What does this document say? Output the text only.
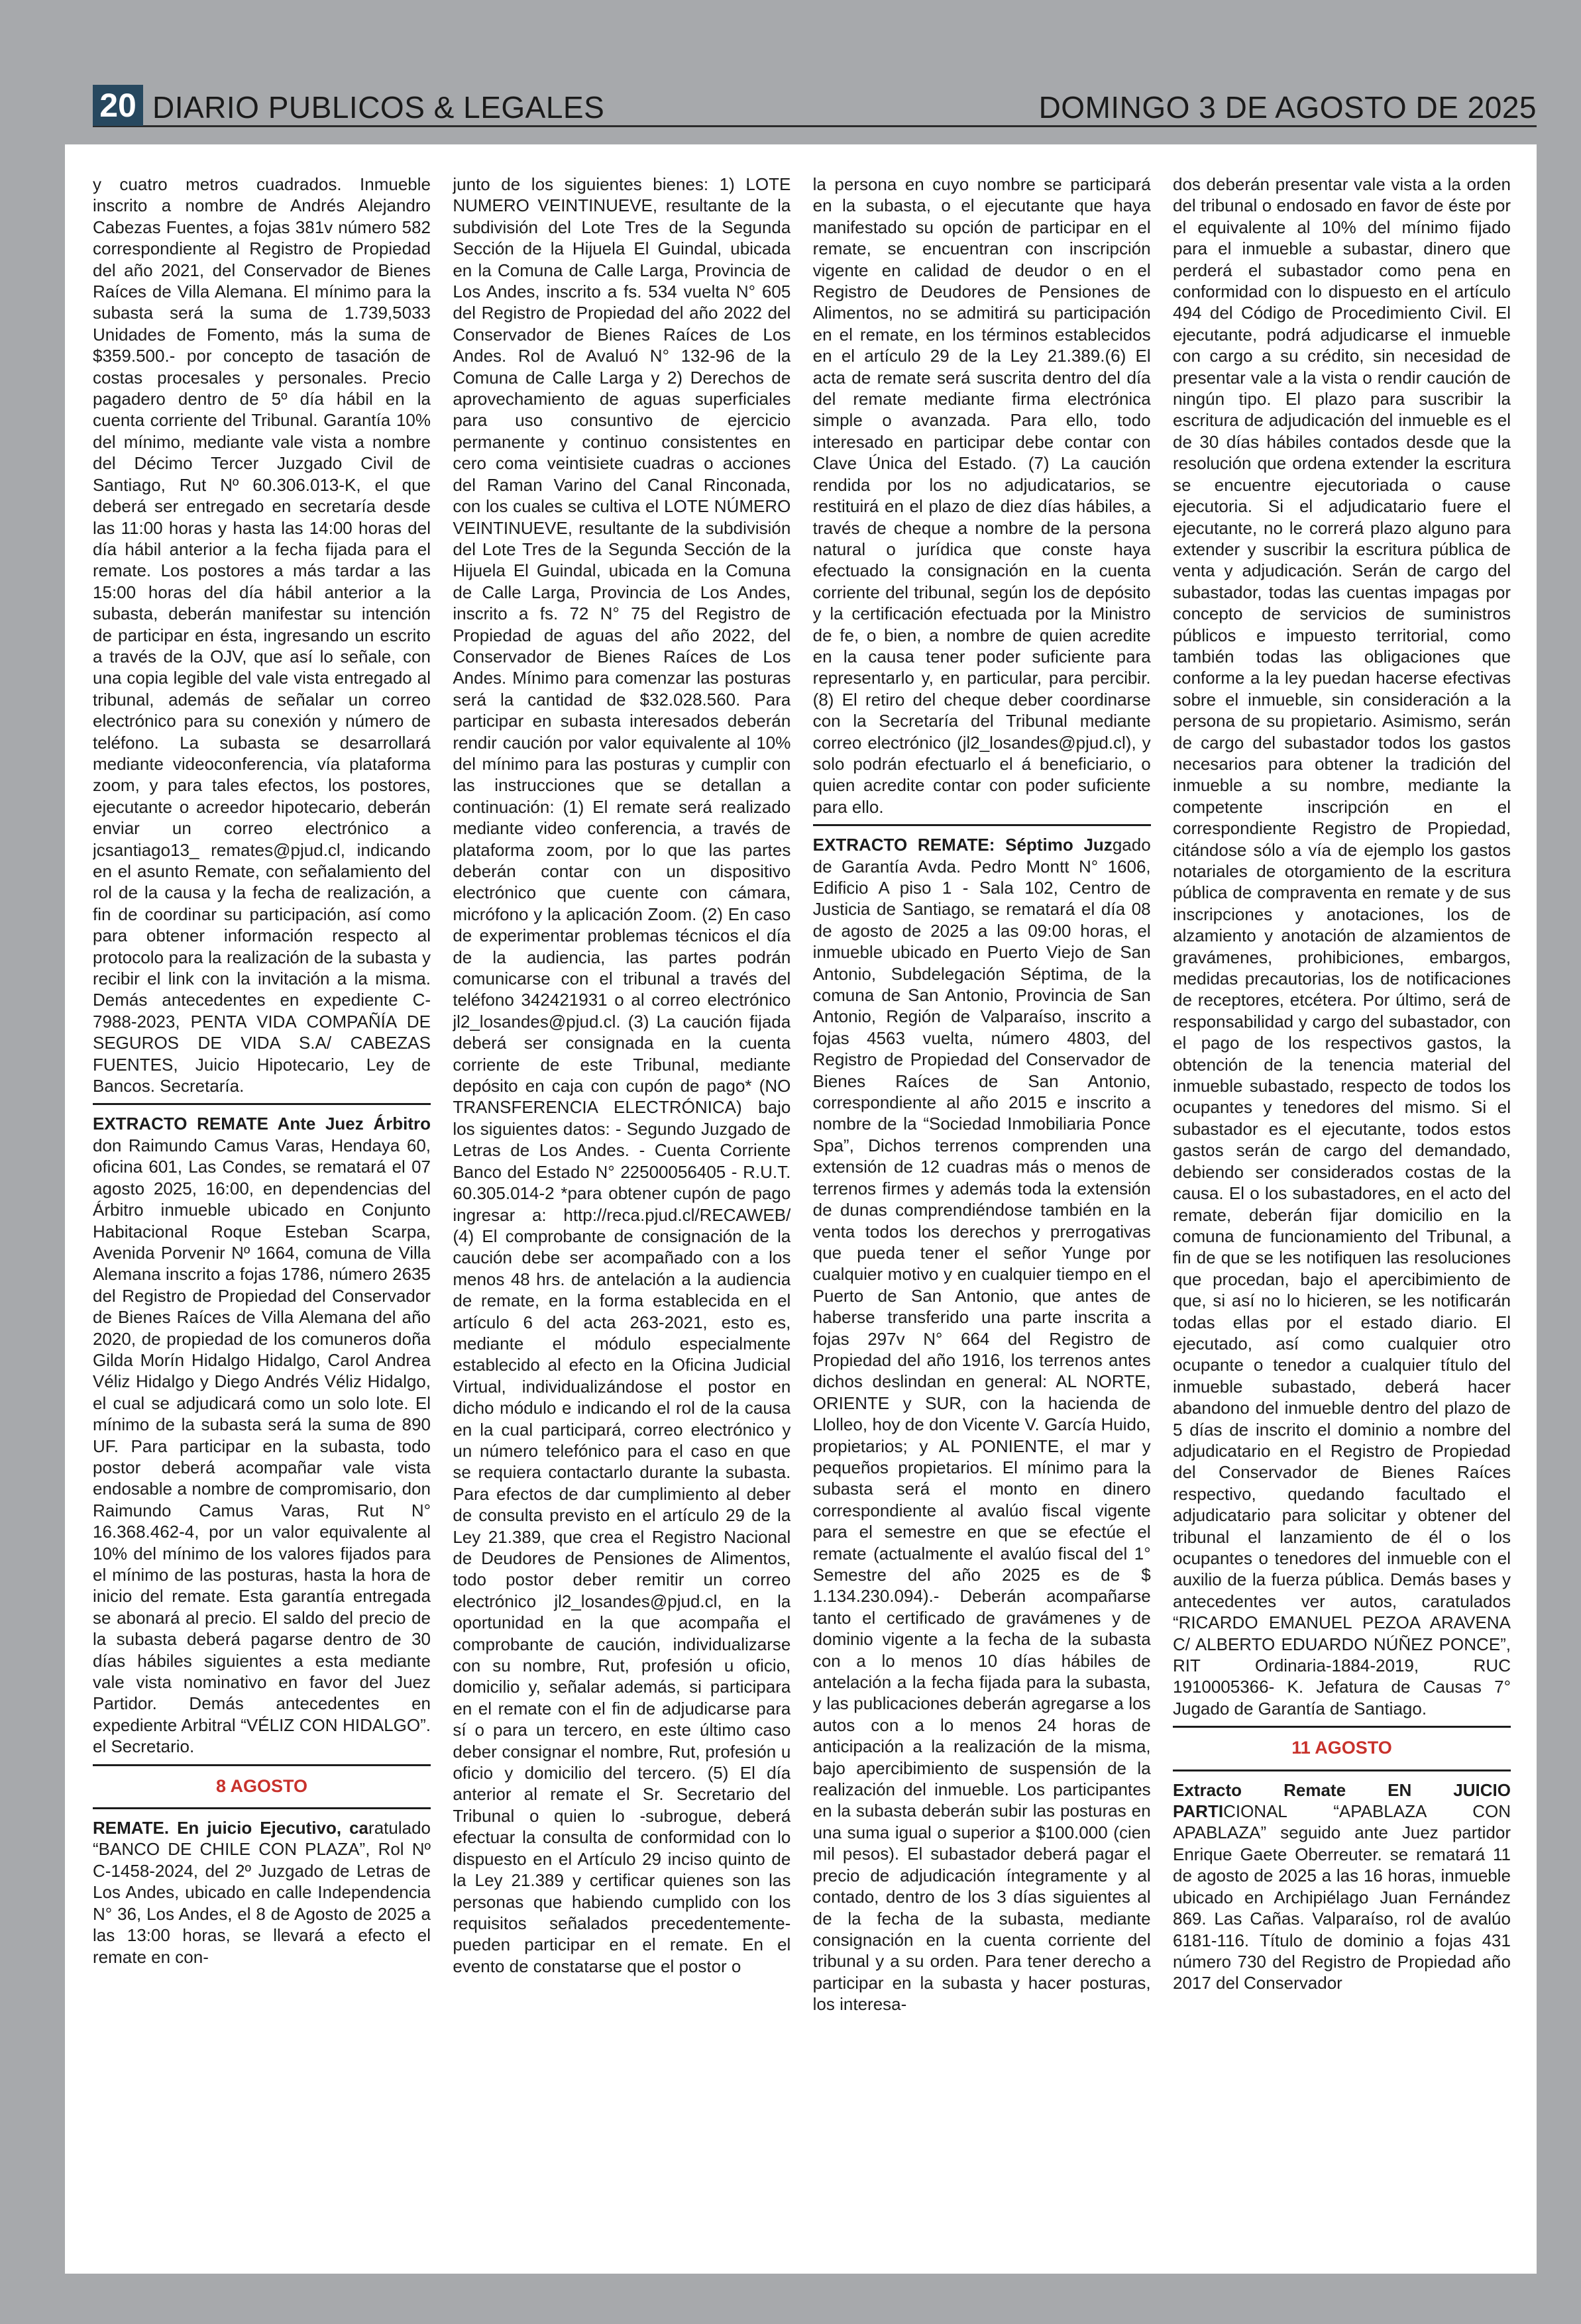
y cuatro metros cuadrados. Inmueble inscrito a nombre de Andrés Alejandro Cabezas Fuentes, a fojas 381v número 582 correspondiente al Registro de Propiedad del año 2021, del Conservador de Bienes Raíces de Villa Alemana. El mínimo para la subasta será la suma de 1.739,5033 Unidades de Fomento, más la suma de $359.500.- por concepto de tasación de costas procesales y personales. Precio pagadero dentro de 5º día hábil en la cuenta corriente del Tribunal. Garantía 10% del mínimo, mediante vale vista a nombre del Décimo Tercer Juzgado Civil de Santiago, Rut Nº 60.306.013-K, el que deberá ser entregado en secretaría desde las 11:00 horas y hasta las 14:00 horas del día hábil anterior a la fecha fijada para el remate. Los postores a más tardar a las 15:00 horas del día hábil anterior a la subasta, deberán manifestar su intención de participar en ésta, ingresando un escrito a través de la OJV, que así lo señale, con una copia legible del vale vista entregado al tribunal, además de señalar un correo electrónico para su conexión y número de teléfono. La subasta se desarrollará mediante videoconferencia, vía plataforma zoom, y para tales efectos, los postores, ejecutante o acreedor hipotecario, deberán enviar un correo electrónico a jcsantiago13_ remates@pjud.cl, indicando en el asunto Remate, con señalamiento del rol de la causa y la fecha de realización, a fin de coordinar su participación, así como para obtener información respecto al protocolo para la realización de la subasta y recibir el link con la invitación a la misma. Demás antecedentes en expediente C-7988-2023, PENTA VIDA COMPAÑÍA DE SEGUROS DE VIDA S.A/ CABEZAS FUENTES, Juicio Hipotecario, Ley de Bancos. Secretaría.

EXTRACTO REMATE Ante Juez Árbitro don Raimundo Camus Varas, Hendaya 60, oficina 601, Las Condes, se rematará el 07 agosto 2025, 16:00, en dependencias del Árbitro inmueble ubicado en Conjunto Habitacional Roque Esteban Scarpa, Avenida Porvenir Nº 1664, comuna de Villa Alemana inscrito a fojas 1786, número 2635 del Registro de Propiedad del Conservador de Bienes Raíces de Villa Alemana del año 2020, de propiedad de los comuneros doña Gilda Morín Hidalgo Hidalgo, Carol Andrea Véliz Hidalgo y Diego Andrés Véliz Hidalgo, el cual se adjudicará como un solo lote. El mínimo de la subasta será la suma de 890 UF. Para participar en la subasta, todo postor deberá acompañar vale vista endosable a nombre de compromisario, don Raimundo Camus Varas, Rut N° 16.368.462-4, por un valor equivalente al 10% del mínimo de los valores fijados para el mínimo de las posturas, hasta la hora de inicio del remate. Esta garantía entregada se abonará al precio. El saldo del precio de la subasta deberá pagarse dentro de 30 días hábiles siguientes a esta mediante vale vista nominativo en favor del Juez Partidor. Demás antecedentes en expediente Arbitral “VÉLIZ CON HIDALGO”. el Secretario.

8 AGOSTO

REMATE. En juicio Ejecutivo, caratulado “BANCO DE CHILE CON PLAZA”, Rol Nº C-1458-2024, del 2º Juzgado de Letras de Los Andes, ubicado en calle Independencia N° 36, Los Andes, el 8 de Agosto de 2025 a las 13:00 horas, se llevará a efecto el remate en con-

junto de los siguientes bienes: 1) LOTE NUMERO VEINTINUEVE, resultante de la subdivisión del Lote Tres de la Segunda Sección de la Hijuela El Guindal, ubicada en la Comuna de Calle Larga, Provincia de Los Andes, inscrito a fs. 534 vuelta N° 605 del Registro de Propiedad del año 2022 del Conservador de Bienes Raíces de Los Andes. Rol de Avaluó N° 132-96 de la Comuna de Calle Larga y 2) Derechos de aprovechamiento de aguas superficiales para uso consuntivo de ejercicio permanente y continuo consistentes en cero coma veintisiete cuadras o acciones del Raman Varino del Canal Rinconada, con los cuales se cultiva el LOTE NÚMERO VEINTINUEVE, resultante de la subdivisión del Lote Tres de la Segunda Sección de la Hijuela El Guindal, ubicada en la Comuna de Calle Larga, Provincia de Los Andes, inscrito a fs. 72 N° 75 del Registro de Propiedad de aguas del año 2022, del Conservador de Bienes Raíces de Los Andes. Mínimo para comenzar las posturas será la cantidad de $32.028.560. Para participar en subasta interesados deberán rendir caución por valor equivalente al 10% del mínimo para las posturas y cumplir con las instrucciones que se detallan a continuación: (1) El remate será realizado mediante video conferencia, a través de plataforma zoom, por lo que las partes deberán contar con un dispositivo electrónico que cuente con cámara, micrófono y la aplicación Zoom. (2) En caso de experimentar problemas técnicos el día de la audiencia, las partes podrán comunicarse con el tribunal a través del teléfono 342421931 o al correo electrónico jl2_losandes@pjud.cl. (3) La caución fijada deberá ser consignada en la cuenta corriente de este Tribunal, mediante depósito en caja con cupón de pago* (NO TRANSFERENCIA ELECTRÓNICA) bajo los siguientes datos: - Segundo Juzgado de Letras de Los Andes. - Cuenta Corriente Banco del Estado N° 22500056405 - R.U.T. 60.305.014-2 *para obtener cupón de pago ingresar a: http://reca.pjud.cl/RECAWEB/ (4) El comprobante de consignación de la caución debe ser acompañado con a los menos 48 hrs. de antelación a la audiencia de remate, en la forma establecida en el artículo 6 del acta 263-2021, esto es, mediante el módulo especialmente establecido al efecto en la Oficina Judicial Virtual, individualizándose el postor en dicho módulo e indicando el rol de la causa en la cual participará, correo electrónico y un número telefónico para el caso en que se requiera contactarlo durante la subasta. Para efectos de dar cumplimiento al deber de consulta previsto en el artículo 29 de la Ley 21.389, que crea el Registro Nacional de Deudores de Pensiones de Alimentos, todo postor deber remitir un correo electrónico jl2_losandes@pjud.cl, en la oportunidad en la que acompaña el comprobante de caución, individualizarse con su nombre, Rut, profesión u oficio, domicilio y, señalar además, si participara en el remate con el fin de adjudicarse para sí o para un tercero, en este último caso deber consignar el nombre, Rut, profesión u oficio y domicilio del tercero. (5) El día anterior al remate el Sr. Secretario del Tribunal o quien lo -subrogue, deberá efectuar la consulta de conformidad con lo dispuesto en el Artículo 29 inciso quinto de la Ley 21.389 y certificar quienes son las personas que habiendo cumplido con los requisitos señalados precedentemente-pueden participar en el remate. En el evento de constatarse que el postor o

la persona en cuyo nombre se participará en la subasta, o el ejecutante que haya manifestado su opción de participar en el remate, se encuentran con inscripción vigente en calidad de deudor o en el Registro de Deudores de Pensiones de Alimentos, no se admitirá su participación en el remate, en los términos establecidos en el artículo 29 de la Ley 21.389.(6) El acta de remate será suscrita dentro del día del remate mediante firma electrónica simple o avanzada. Para ello, todo interesado en participar debe contar con Clave Única del Estado. (7) La caución rendida por los no adjudicatarios, se restituirá en el plazo de diez días hábiles, a través de cheque a nombre de la persona natural o jurídica que conste haya efectuado la consignación en la cuenta corriente del tribunal, según los de depósito y la certificación efectuada por la Ministro de fe, o bien, a nombre de quien acredite en la causa tener poder suficiente para representarlo y, en particular, para percibir. (8) El retiro del cheque deber coordinarse con la Secretaría del Tribunal mediante correo electrónico (jl2_losandes@pjud.cl), y solo podrán efectuarlo el á beneficiario, o quien acredite contar con poder suficiente para ello.

EXTRACTO REMATE: Séptimo Juzgado de Garantía Avda. Pedro Montt N° 1606, Edificio A piso 1 - Sala 102, Centro de Justicia de Santiago, se rematará el día 08 de agosto de 2025 a las 09:00 horas, el inmueble ubicado en Puerto Viejo de San Antonio, Subdelegación Séptima, de la comuna de San Antonio, Provincia de San Antonio, Región de Valparaíso, inscrito a fojas 4563 vuelta, número 4803, del Registro de Propiedad del Conservador de Bienes Raíces de San Antonio, correspondiente al año 2015 e inscrito a nombre de la “Sociedad Inmobiliaria Ponce Spa”, Dichos terrenos comprenden una extensión de 12 cuadras más o menos de terrenos firmes y además toda la extensión de dunas comprendiéndose también en la venta todos los derechos y prerrogativas que pueda tener el señor Yunge por cualquier motivo y en cualquier tiempo en el Puerto de San Antonio, que antes de haberse transferido una parte inscrita a fojas 297v N° 664 del Registro de Propiedad del año 1916, los terrenos antes dichos deslindan en general: AL NORTE, ORIENTE y SUR, con la hacienda de Llolleo, hoy de don Vicente V. García Huido, propietarios; y AL PONIENTE, el mar y pequeños propietarios. El mínimo para la subasta será el monto en dinero correspondiente al avalúo fiscal vigente para el semestre en que se efectúe el remate (actualmente el avalúo fiscal del 1° Semestre del año 2025 es de $ 1.134.230.094).- Deberán acompañarse tanto el certificado de gravámenes y de dominio vigente a la fecha de la subasta con a lo menos 10 días hábiles de antelación a la fecha fijada para la subasta, y las publicaciones deberán agregarse a los autos con a lo menos 24 horas de anticipación a la realización de la misma, bajo apercibimiento de suspensión de la realización del inmueble. Los participantes en la subasta deberán subir las posturas en una suma igual o superior a $100.000 (cien mil pesos). El subastador deberá pagar el precio de adjudicación íntegramente y al contado, dentro de los 3 días siguientes al de la fecha de la subasta, mediante consignación en la cuenta corriente del tribunal y a su orden. Para tener derecho a participar en la subasta y hacer posturas, los interesa-

dos deberán presentar vale vista a la orden del tribunal o endosado en favor de éste por el equivalente al 10% del mínimo fijado para el inmueble a subastar, dinero que perderá el subastador como pena en conformidad con lo dispuesto en el artículo 494 del Código de Procedimiento Civil. El ejecutante, podrá adjudicarse el inmueble con cargo a su crédito, sin necesidad de presentar vale a la vista o rendir caución de ningún tipo. El plazo para suscribir la escritura de adjudicación del inmueble es el de 30 días hábiles contados desde que la resolución que ordena extender la escritura se encuentre ejecutoriada o cause ejecutoria. Si el adjudicatario fuere el ejecutante, no le correrá plazo alguno para extender y suscribir la escritura pública de venta y adjudicación. Serán de cargo del subastador, todas las cuentas impagas por concepto de servicios de suministros públicos e impuesto territorial, como también todas las obligaciones que conforme a la ley puedan hacerse efectivas sobre el inmueble, sin consideración a la persona de su propietario. Asimismo, serán de cargo del subastador todos los gastos necesarios para obtener la tradición del inmueble a su nombre, mediante la competente inscripción en el correspondiente Registro de Propiedad, citándose sólo a vía de ejemplo los gastos notariales de otorgamiento de la escritura pública de compraventa en remate y de sus inscripciones y anotaciones, los de alzamiento y anotación de alzamientos de gravámenes, prohibiciones, embargos, medidas precautorias, los de notificaciones de receptores, etcétera. Por último, será de responsabilidad y cargo del subastador, con el pago de los respectivos gastos, la obtención de la tenencia material del inmueble subastado, respecto de todos los ocupantes y tenedores del mismo. Si el subastador es el ejecutante, todos estos gastos serán de cargo del demandado, debiendo ser considerados costas de la causa. El o los subastadores, en el acto del remate, deberán fijar domicilio en la comuna de funcionamiento del Tribunal, a fin de que se les notifiquen las resoluciones que procedan, bajo el apercibimiento de que, si así no lo hicieren, se les notificarán todas ellas por el estado diario. El ejecutado, así como cualquier otro ocupante o tenedor a cualquier título del inmueble subastado, deberá hacer abandono del inmueble dentro del plazo de 5 días de inscrito el dominio a nombre del adjudicatario en el Registro de Propiedad del Conservador de Bienes Raíces respectivo, quedando facultado el adjudicatario para solicitar y obtener del tribunal el lanzamiento de él o los ocupantes o tenedores del inmueble con el auxilio de la fuerza pública. Demás bases y antecedentes ver autos, caratulados “RICARDO EMANUEL PEZOA ARAVENA C/ ALBERTO EDUARDO NÚÑEZ PONCE”, RIT Ordinaria-1884-2019, RUC 1910005366- K. Jefatura de Causas 7° Jugado de Garantía de Santiago.

11 AGOSTO

Extracto Remate EN JUICIO PARTICIONAL “APABLAZA CON APABLAZA” seguido ante Juez partidor Enrique Gaete Oberreuter. se rematará 11 de agosto de 2025 a las 16 horas, inmueble ubicado en Archipiélago Juan Fernández 869. Las Cañas. Valparaíso, rol de avalúo 6181-116. Título de dominio a fojas 431 número 730 del Registro de Propiedad año 2017 del Conservador

20 DIARIO PUBLICOS & LEGALES	DOMINGO 3 DE AGOSTO DE 2025
